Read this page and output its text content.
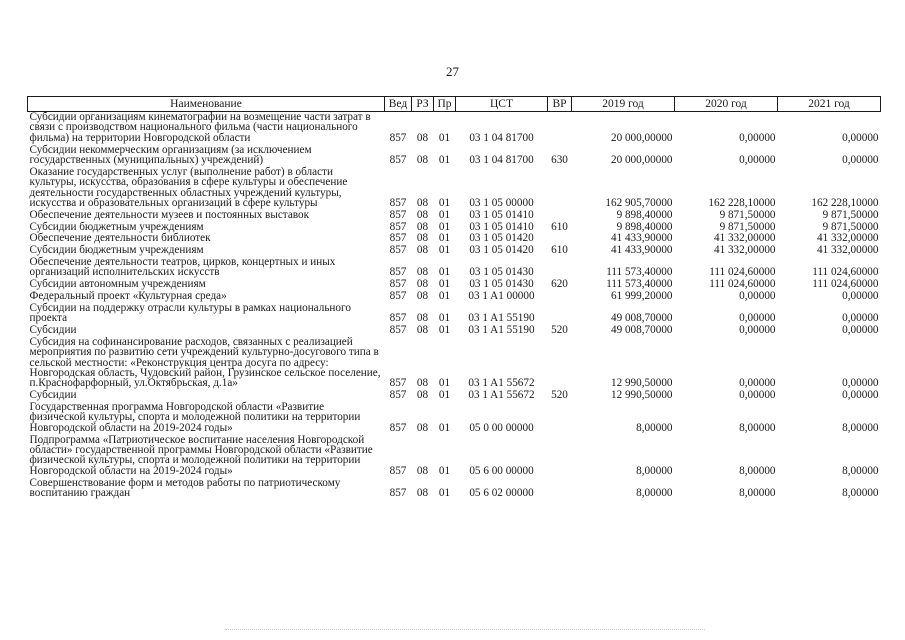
27
Наименование	Вед	РЗ	Пр	ЦСТ	ВР	2019 год	2020 год	2021 год
Субсидии организациям кинематографии на возмещение части затрат в связи с производством национального фильма (части национального фильма) на территории Новгородской области	857	08	01	03 1 04 81700		20 000,00000	0,00000	0,00000
Субсидии некоммерческим организациям (за исключением государственных (муниципальных) учреждений)	857	08	01	03 1 04 81700	630	20 000,00000	0,00000	0,00000
Оказание государственных услуг (выполнение работ) в области культуры, искусства, образования в сфере культуры и обеспечение деятельности государственных областных учреждений культуры, искусства и образовательных организаций в сфере культуры	857	08	01	03 1 05 00000		162 905,70000	162 228,10000	162 228,10000
Обеспечение деятельности музеев и постоянных выставок	857	08	01	03 1 05 01410		9 898,40000	9 871,50000	9 871,50000
Субсидии бюджетным учреждениям	857	08	01	03 1 05 01410	610	9 898,40000	9 871,50000	9 871,50000
Обеспечение деятельности библиотек	857	08	01	03 1 05 01420		41 433,90000	41 332,00000	41 332,00000
Субсидии бюджетным учреждениям	857	08	01	03 1 05 01420	610	41 433,90000	41 332,00000	41 332,00000
Обеспечение деятельности театров, цирков, концертных и иных организаций исполнительских искусств	857	08	01	03 1 05 01430		111 573,40000	111 024,60000	111 024,60000
Субсидии автономным учреждениям	857	08	01	03 1 05 01430	620	111 573,40000	111 024,60000	111 024,60000
Федеральный проект «Культурная среда»	857	08	01	03 1 A1 00000		61 999,20000	0,00000	0,00000
Субсидии на поддержку отрасли культуры в рамках национального проекта	857	08	01	03 1 A1 55190		49 008,70000	0,00000	0,00000
Субсидии	857	08	01	03 1 A1 55190	520	49 008,70000	0,00000	0,00000
Субсидия на софинансирование расходов, связанных с реализацией мероприятия по развитию сети учреждений культурно-досугового типа в сельской местности: «Реконструкция центра досуга по адресу: Новгородская область, Чудовский район, Грузинское сельское поселение, п.Краснофарфорный, ул.Октябрьская, д.1а»	857	08	01	03 1 A1 55672		12 990,50000	0,00000	0,00000
Субсидии	857	08	01	03 1 A1 55672	520	12 990,50000	0,00000	0,00000
Государственная программа Новгородской области «Развитие физической культуры, спорта и молодежной политики на территории Новгородской области на 2019-2024 годы»	857	08	01	05 0 00 00000		8,00000	8,00000	8,00000
Подпрограмма «Патриотическое воспитание населения Новгородской области» государственной программы Новгородской области «Развитие физической культуры, спорта и молодежной политики на территории Новгородской области на 2019-2024 годы»	857	08	01	05 6 00 00000		8,00000	8,00000	8,00000
Совершенствование форм и методов работы по патриотическому воспитанию граждан	857	08	01	05 6 02 00000		8,00000	8,00000	8,00000
